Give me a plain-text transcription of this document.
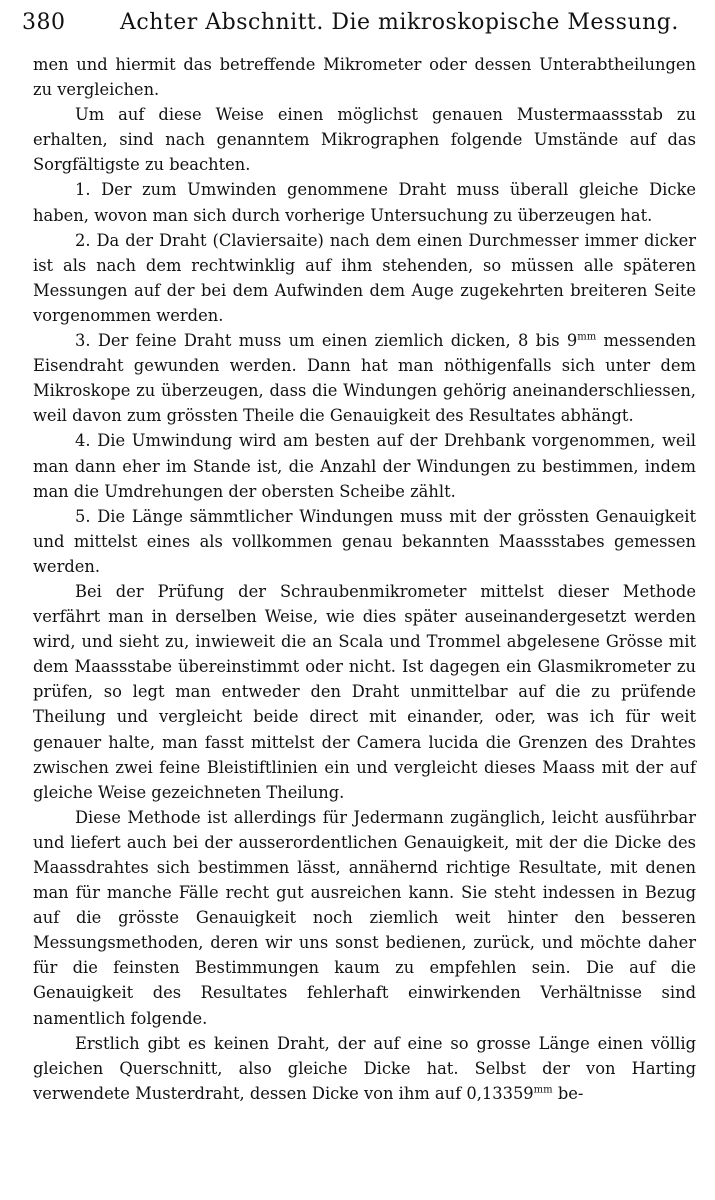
380 Achter Abschnitt. Die mikroskopische Messung.

men und hiermit das betreffende Mikrometer oder dessen Unterabtheilungen zu vergleichen.

Um auf diese Weise einen möglichst genauen Mustermaassstab zu erhalten, sind nach genanntem Mikrographen folgende Umstände auf das Sorgfältigste zu beachten.

1. Der zum Umwinden genommene Draht muss überall gleiche Dicke haben, wovon man sich durch vorherige Untersuchung zu überzeugen hat.

2. Da der Draht (Claviersaite) nach dem einen Durchmesser immer dicker ist als nach dem rechtwinklig auf ihm stehenden, so müssen alle späteren Messungen auf der bei dem Aufwinden dem Auge zugekehrten breiteren Seite vorgenommen werden.

3. Der feine Draht muss um einen ziemlich dicken, 8 bis $9^{mm}$ messenden Eisendraht gewunden werden. Dann hat man nöthigenfalls sich unter dem Mikroskope zu überzeugen, dass die Windungen gehörig aneinanderschliessen, weil davon zum grössten Theile die Genauigkeit des Resultates abhängt.

4. Die Umwindung wird am besten auf der Drehbank vorgenommen, weil man dann eher im Stande ist, die Anzahl der Windungen zu bestimmen, indem man die Umdrehungen der obersten Scheibe zählt.

5. Die Länge sämmtlicher Windungen muss mit der grössten Genauigkeit und mittelst eines als vollkommen genau bekannten Maassstabes gemessen werden.

Bei der Prüfung der Schraubenmikrometer mittelst dieser Methode verfährt man in derselben Weise, wie dies später auseinandergesetzt werden wird, und sieht zu, inwieweit die an Scala und Trommel abgelesene Grösse mit dem Maassstabe übereinstimmt oder nicht. Ist dagegen ein Glasmikrometer zu prüfen, so legt man entweder den Draht unmittelbar auf die zu prüfende Theilung und vergleicht beide direct mit einander, oder, was ich für weit genauer halte, man fasst mittelst der Camera lucida die Grenzen des Drahtes zwischen zwei feine Bleistiftlinien ein und vergleicht dieses Maass mit der auf gleiche Weise gezeichneten Theilung.

Diese Methode ist allerdings für Jedermann zugänglich, leicht ausführbar und liefert auch bei der ausserordentlichen Genauigkeit, mit der die Dicke des Maassdrahtes sich bestimmen lässt, annähernd richtige Resultate, mit denen man für manche Fälle recht gut ausreichen kann. Sie steht indessen in Bezug auf die grösste Genauigkeit noch ziemlich weit hinter den besseren Messungsmethoden, deren wir uns sonst bedienen, zurück, und möchte daher für die feinsten Bestimmungen kaum zu empfehlen sein. Die auf die Genauigkeit des Resultates fehlerhaft einwirkenden Verhältnisse sind namentlich folgende.

Erstlich gibt es keinen Draht, der auf eine so grosse Länge einen völlig gleichen Querschnitt, also gleiche Dicke hat. Selbst der von Harting verwendete Musterdraht, dessen Dicke von ihm auf $0,13359^{mm}$ be-
